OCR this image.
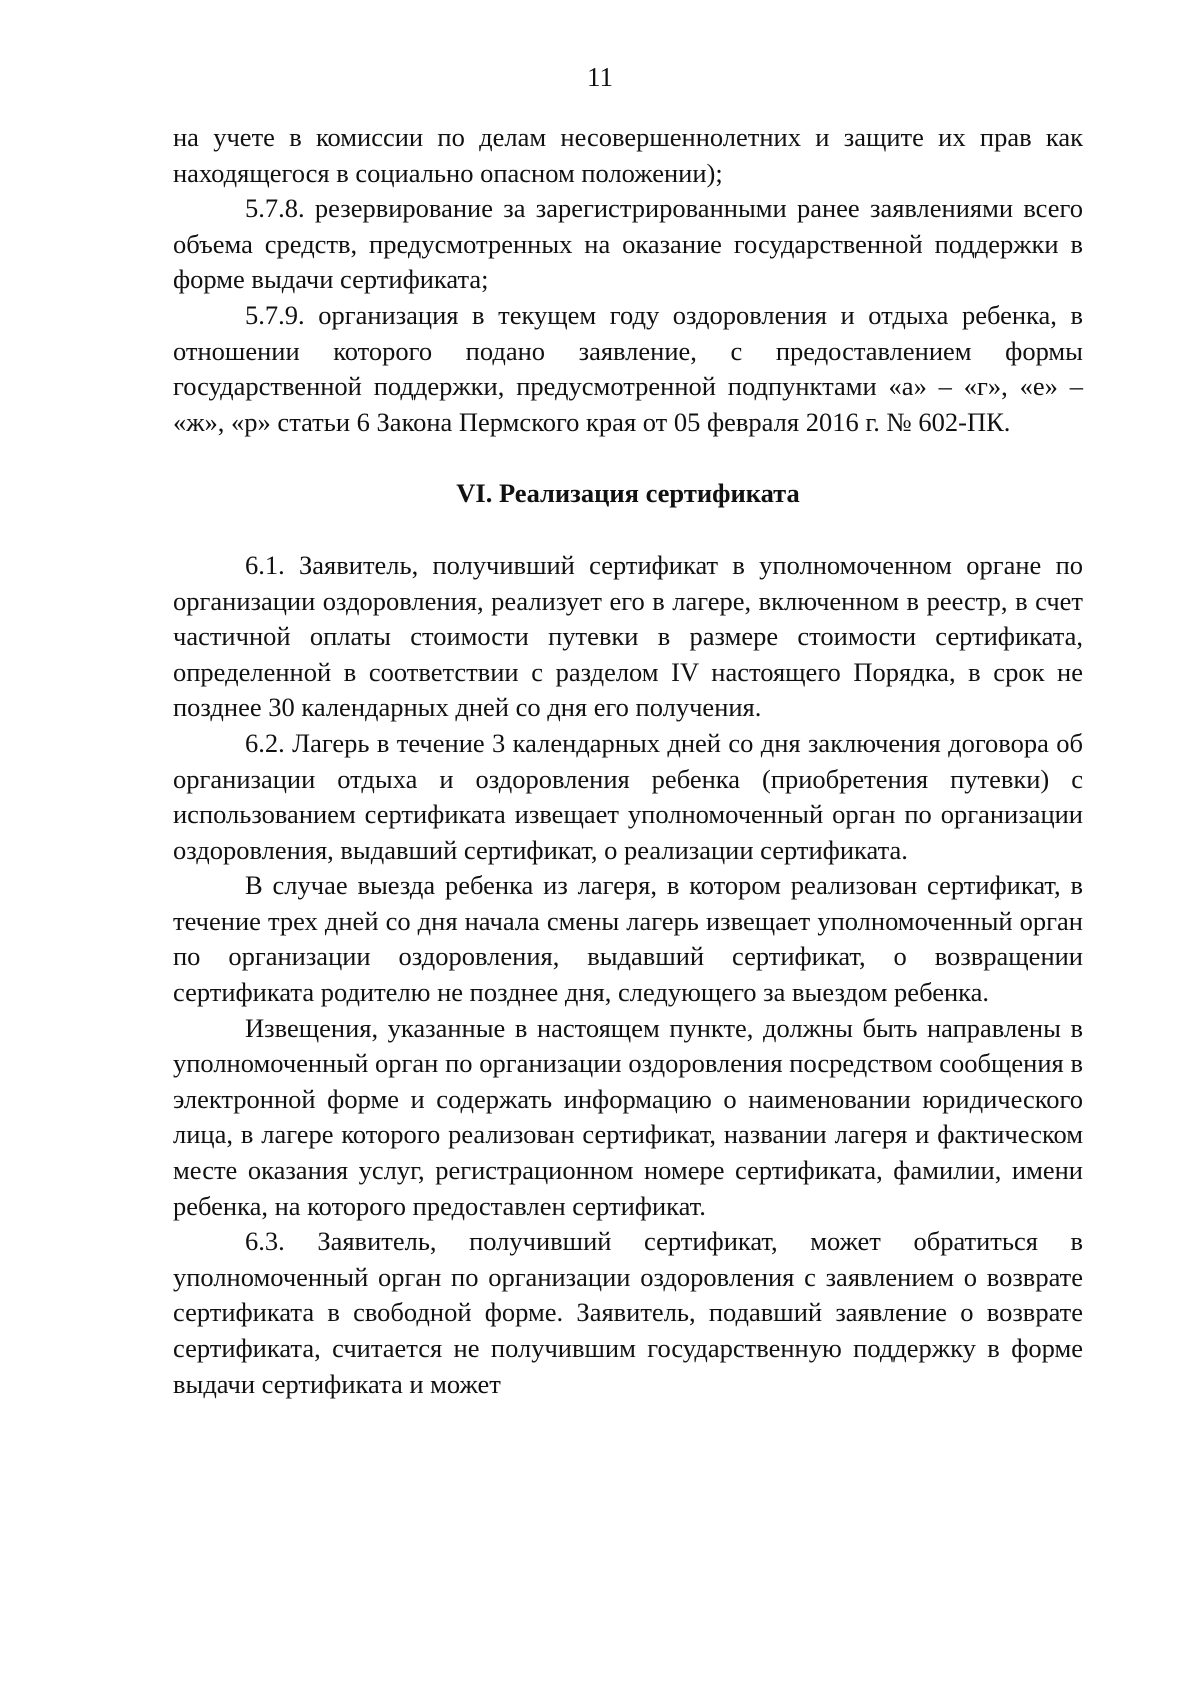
11

на учете в комиссии по делам несовершеннолетних и защите их прав как находящегося в социально опасном положении);

5.7.8. резервирование за зарегистрированными ранее заявлениями всего объема средств, предусмотренных на оказание государственной поддержки в форме выдачи сертификата;

5.7.9. организация в текущем году оздоровления и отдыха ребенка, в отношении которого подано заявление, с предоставлением формы государственной поддержки, предусмотренной подпунктами «а» – «г», «е» – «ж», «р» статьи 6 Закона Пермского края от 05 февраля 2016 г. № 602-ПК.

VI. Реализация сертификата

6.1. Заявитель, получивший сертификат в уполномоченном органе по организации оздоровления, реализует его в лагере, включенном в реестр, в счет частичной оплаты стоимости путевки в размере стоимости сертификата, определенной в соответствии с разделом IV настоящего Порядка, в срок не позднее 30 календарных дней со дня его получения.

6.2. Лагерь в течение 3 календарных дней со дня заключения договора об организации отдыха и оздоровления ребенка (приобретения путевки) с использованием сертификата извещает уполномоченный орган по организации оздоровления, выдавший сертификат, о реализации сертификата.

В случае выезда ребенка из лагеря, в котором реализован сертификат, в течение трех дней со дня начала смены лагерь извещает уполномоченный орган по организации оздоровления, выдавший сертификат, о возвращении сертификата родителю не позднее дня, следующего за выездом ребенка.

Извещения, указанные в настоящем пункте, должны быть направлены в уполномоченный орган по организации оздоровления посредством сообщения в электронной форме и содержать информацию о наименовании юридического лица, в лагере которого реализован сертификат, названии лагеря и фактическом месте оказания услуг, регистрационном номере сертификата, фамилии, имени ребенка, на которого предоставлен сертификат.

6.3. Заявитель, получивший сертификат, может обратиться в уполномоченный орган по организации оздоровления с заявлением о возврате сертификата в свободной форме. Заявитель, подавший заявление о возврате сертификата, считается не получившим государственную поддержку в форме выдачи сертификата и может
